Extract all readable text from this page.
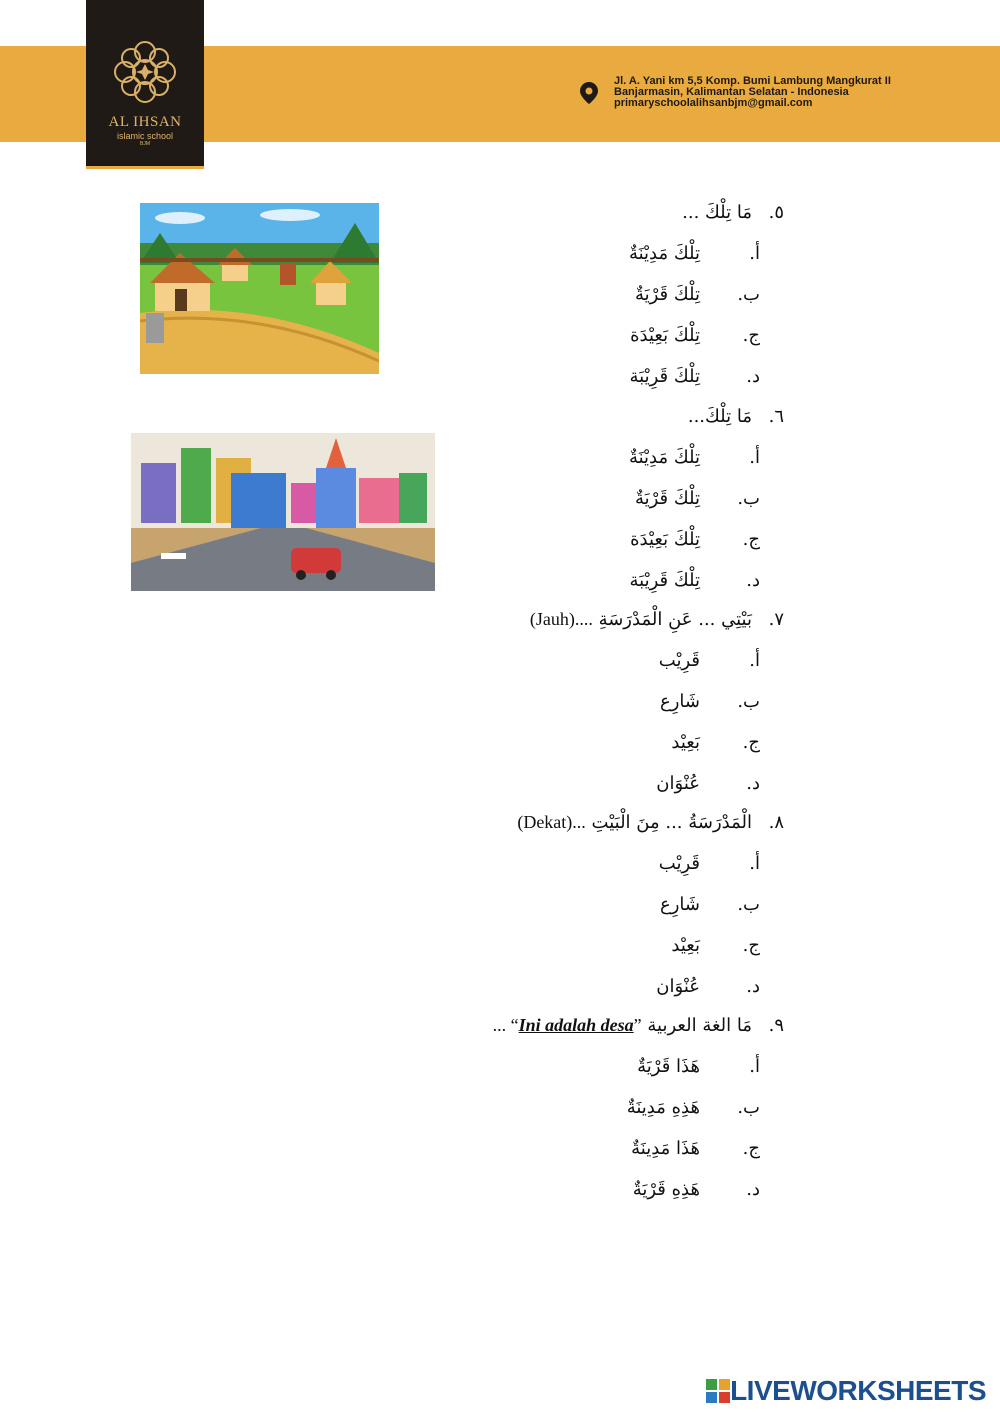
AL IHSAN
islamic school
BJM
Jl. A. Yani km 5,5 Komp. Bumi Lambung Mangkurat II
Banjarmasin, Kalimantan Selatan - Indonesia
primaryschoolalihsanbjm@gmail.com
٥.مَا تِلْكَ ...
أ.تِلْكَ مَدِيْنَةٌ
ب.تِلْكَ قَرْيَةٌ
ج.تِلْكَ بَعِيْدَة
د.تِلْكَ قَرِيْبَة
٦.مَا تِلْكَ...
أ.تِلْكَ مَدِيْنَةٌ
ب.تِلْكَ قَرْيَةٌ
ج.تِلْكَ بَعِيْدَة
د.تِلْكَ قَرِيْبَة
٧.بَيْتِي ... عَنِ الْمَدْرَسَةِ (Jauh)....
أ.قَرِيْب
ب.شَارِع
ج.بَعِيْد
د.عُنْوَان
٨.الْمَدْرَسَةُ ... مِنَ الْبَيْتِ (Dekat)...
أ.قَرِيْب
ب.شَارِع
ج.بَعِيْد
د.عُنْوَان
٩.مَا الغة العربية ... “Ini adalah desa”
أ.هَذَا قَرْيَةٌ
ب.هَذِهِ مَدِينَةٌ
ج.هَذَا مَدِينَةٌ
د.هَذِهِ قَرْيَةٌ
LIVEWORKSHEETS
